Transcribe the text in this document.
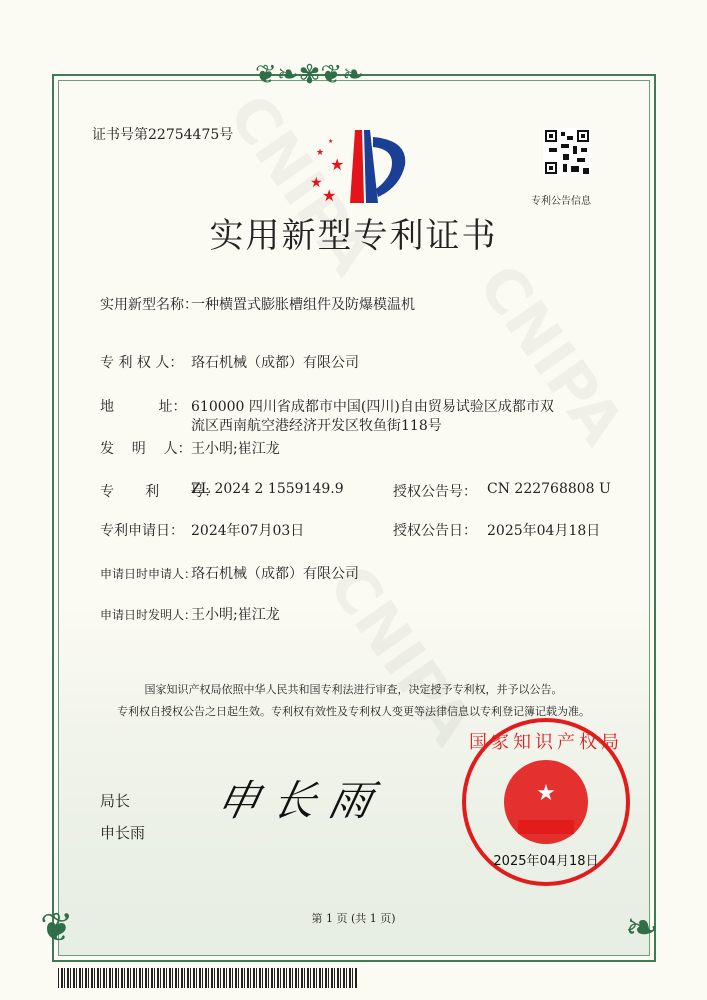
❦❧✾❦❧
❦	❧
证书号第22754475号
★
★
★
★
★
专利公告信息
实用新型专利证书
实用新型名称：
一种横置式膨胀槽组件及防爆模温机
专 利 权 人： 珞石机械（成都）有限公司
地          址： 610000 四川省成都市中国(四川)自由贸易试验区成都市双
流区西南航空港经济开发区牧鱼街118号
发    明    人： 王小明;崔江龙
专       利       号：
ZL 2024 2 1559149.9	授权公告号： CN 222768808 U
专利申请日： 2024年07月03日	授权公告日： 2025年04月18日
申请日时申请人：
珞石机械（成都）有限公司
申请日时发明人：
王小明;崔江龙
国家知识产权局依照中华人民共和国专利法进行审查，决定授予专利权，并予以公告。
专利权自授权公告之日起生效。专利权有效性及专利权人变更等法律信息以专利登记簿记载为准。
局长
申长雨
申长雨	★
国家知识产权局
2025年04月18日
第 1 页 (共 1 页)
